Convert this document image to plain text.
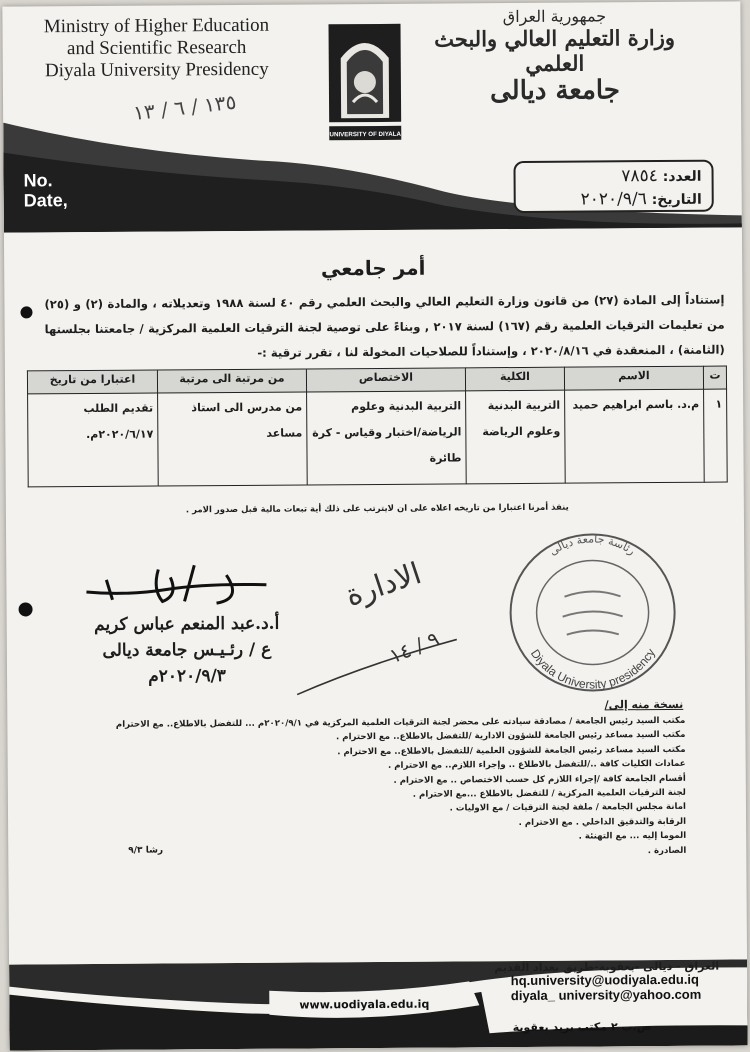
Ministry of Higher Education
and Scientific Research
Diyala University Presidency
جمهورية العراق
وزارة التعليم العالي والبحث العلمي
جامعة ديالى
UNIVERSITY OF DIYALA
١٣٥ / ٦ / ١٣
No.
Date,
العدد: ٧٨٥٤
التاريخ: ٢٠٢٠/٩/٦
أمر جامعي
إستناداً إلى المادة (٢٧) من قانون وزارة التعليم العالي والبحث العلمي رقم ٤٠ لسنة ١٩٨٨ وتعديلاته ، والمادة (٢) و (٢٥) من تعليمات الترقيات العلمية رقم (١٦٧) لسنة ٢٠١٧ , وبناءً على توصية لجنة الترقيات العلمية المركزية / جامعتنا بجلستها (الثامنة) ، المنعقدة في ٢٠٢٠/٨/١٦ ، وإستناداً للصلاحيات المخولة لنا ، تقرر ترقية :-
ت	الاسم	الكلية	الاختصاص	من مرتبة الى مرتبة	اعتبارا من تاريخ
١	م.د. باسم ابراهيم حميد	التربية البدنية وعلوم الرياضة	التربية البدنية وعلوم الرياضة/اختبار وقياس - كرة طائرة	من مدرس الى استاذ مساعد	تقديم الطلب ٢٠٢٠/٦/١٧م.
ينفذ أمرنا اعتبارا من تاريخه اعلاه على ان لايترتب على ذلك أية تبعات مالية قبل صدور الامر .
رئاسة جامعة ديالى
Diyala University presidency
الادارة
٩ / ١٤
أ.د.عبد المنعم عباس كريم
ع / رئـيـس جامعة ديالى
٢٠٢٠/٩/٣م
نسخة منه إلى/
مكتب السيد رئيس الجامعة / مصادقة سيادته على محضر لجنة الترقيات العلمية المركزية في ٢٠٢٠/٩/١م ... للتفضل بالاطلاع.. مع الاحترام
مكتب السيد مساعد رئيس الجامعة للشؤون الادارية /للتفضل بالاطلاع.. مع الاحترام .
مكتب السيد مساعد رئيس الجامعة للشؤون العلمية /للتفضل بالاطلاع.. مع الاحترام .
عمادات الكليات كافة ../للتفضل بالاطلاع .. وإجراء اللازم.. مع الاحترام .
أقسام الجامعة كافة /إجراء اللازم كل حسب الاختصاص .. مع الاحترام .
لجنة الترقيات العلمية المركزية / للتفضل بالاطلاع ...مع الاحترام .
امانة مجلس الجامعة / ملفة لجنة الترقيات / مع الاوليات .
الرقابة والتدقيق الداخلي . مع الاحترام .
الموما إليه ... مع التهنئة .
الصادرة .
رشا ٩/٣
العراق - ديالى -بعقوبة-طريق بغداد القديم
hq.university@uodiyala.edu.iq
diyala_ university@yahoo.com
ص.ب ٢ مكتب بريد بعقوبة
www.uodiyala.edu.iq
